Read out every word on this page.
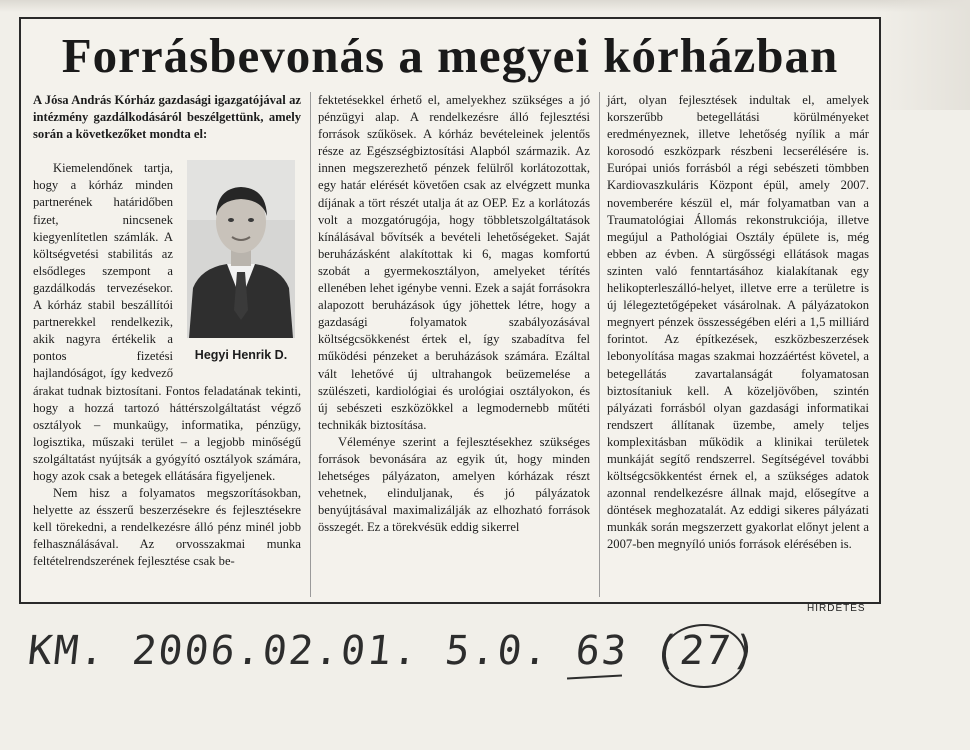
Forrásbevonás a megyei kórházban

A Jósa András Kórház gazdasági igazgatójával az intézmény gazdálkodásáról beszélgettünk, amely során a következőket mondta el:

Hegyi Henrik D.

Kiemelendőnek tartja, hogy a kórház minden partnerének határidőben fizet, nincsenek kiegyenlítetlen számlák. A költségvetési stabilitás az elsődleges szempont a gazdálkodás tervezésekor. A kórház stabil beszállítói partnerekkel rendelkezik, akik nagyra értékelik a pontos fizetési hajlandóságot, így kedvező árakat tudnak biztosítani. Fontos feladatának tekinti, hogy a hozzá tartozó háttérszolgáltatást végző osztályok – munkaügy, informatika, pénzügy, logisztika, műszaki terület – a legjobb minőségű szolgáltatást nyújtsák a gyógyító osztályok számára, hogy azok csak a betegek ellátására figyeljenek.

Nem hisz a folyamatos megszorításokban, helyette az ésszerű beszerzésekre és fejlesztésekre kell törekedni, a rendelkezésre álló pénz minél jobb felhasználásával. Az orvosszakmai munka feltételrendszerének fejlesztése csak be-

fektetésekkel érhető el, amelyekhez szükséges a jó pénzügyi alap. A rendelkezésre álló fejlesztési források szűkösek. A kórház bevételeinek jelentős része az Egészségbiztosítási Alapból származik. Az innen megszerezhető pénzek felülről korlátozottak, egy határ elérését követően csak az elvégzett munka díjának a tört részét utalja át az OEP. Ez a korlátozás volt a mozgatórugója, hogy többletszolgáltatások kínálásával bővítsék a bevételi lehetőségeket. Saját beruházásként alakítottak ki 6, magas komfortú szobát a gyermekosztályon, amelyeket térítés ellenében lehet igénybe venni. Ezek a saját forrásokra alapozott beruházások úgy jöhettek létre, hogy a gazdasági folyamatok szabályozásával költségcsökkenést értek el, így szabadítva fel működési pénzeket a beruházások számára. Ezáltal vált lehetővé új ultrahangok beüzemelése a szülészeti, kardiológiai és urológiai osztályokon, és új sebészeti eszközökkel a legmodernebb műtéti technikák biztosítása.

Véleménye szerint a fejlesztésekhez szükséges források bevonására az egyik út, hogy minden lehetséges pályázaton, amelyen kórházak részt vehetnek, elinduljanak, és jó pályázatok benyújtásával maximalizálják az elhozható források összegét. Ez a törekvésük eddig sikerrel

járt, olyan fejlesztések indultak el, amelyek korszerűbb betegellátási körülményeket eredményeznek, illetve lehetőség nyílik a már korosodó eszközpark részbeni lecserélésére is. Európai uniós forrásból a régi sebészeti tömbben Kardiovaszkuláris Központ épül, amely 2007. novemberére készül el, már folyamatban van a Traumatológiai Állomás rekonstrukciója, illetve megújul a Pathológiai Osztály épülete is, még ebben az évben. A sürgősségi ellátások magas szinten való fenntartásához kialakítanak egy helikopterleszálló-helyet, illetve erre a területre is új lélegeztetőgépeket vásárolnak. A pályázatokon megnyert pénzek összességében eléri a 1,5 milliárd forintot. Az építkezések, eszközbeszerzések lebonyolítása magas szakmai hozzáértést követel, a betegellátás zavartalanságát folyamatosan biztosítaniuk kell. A közeljövőben, szintén pályázati forrásból olyan gazdasági informatikai rendszert állítanak üzembe, amely teljes komplexitásban működik a klinikai területek munkáját segítő rendszerrel. Segítségével további költségcsökkentést érnek el, a szükséges adatok azonnal rendelkezésre állnak majd, elősegítve a döntések meghozatalát. Az eddigi sikeres pályázati munkák során megszerzett gyakorlat előnyt jelent a 2007-ben megnyíló uniós források elérésében is.

HIRDETÉS
KM. 2006.02.01. 5.0. 63 (27)
